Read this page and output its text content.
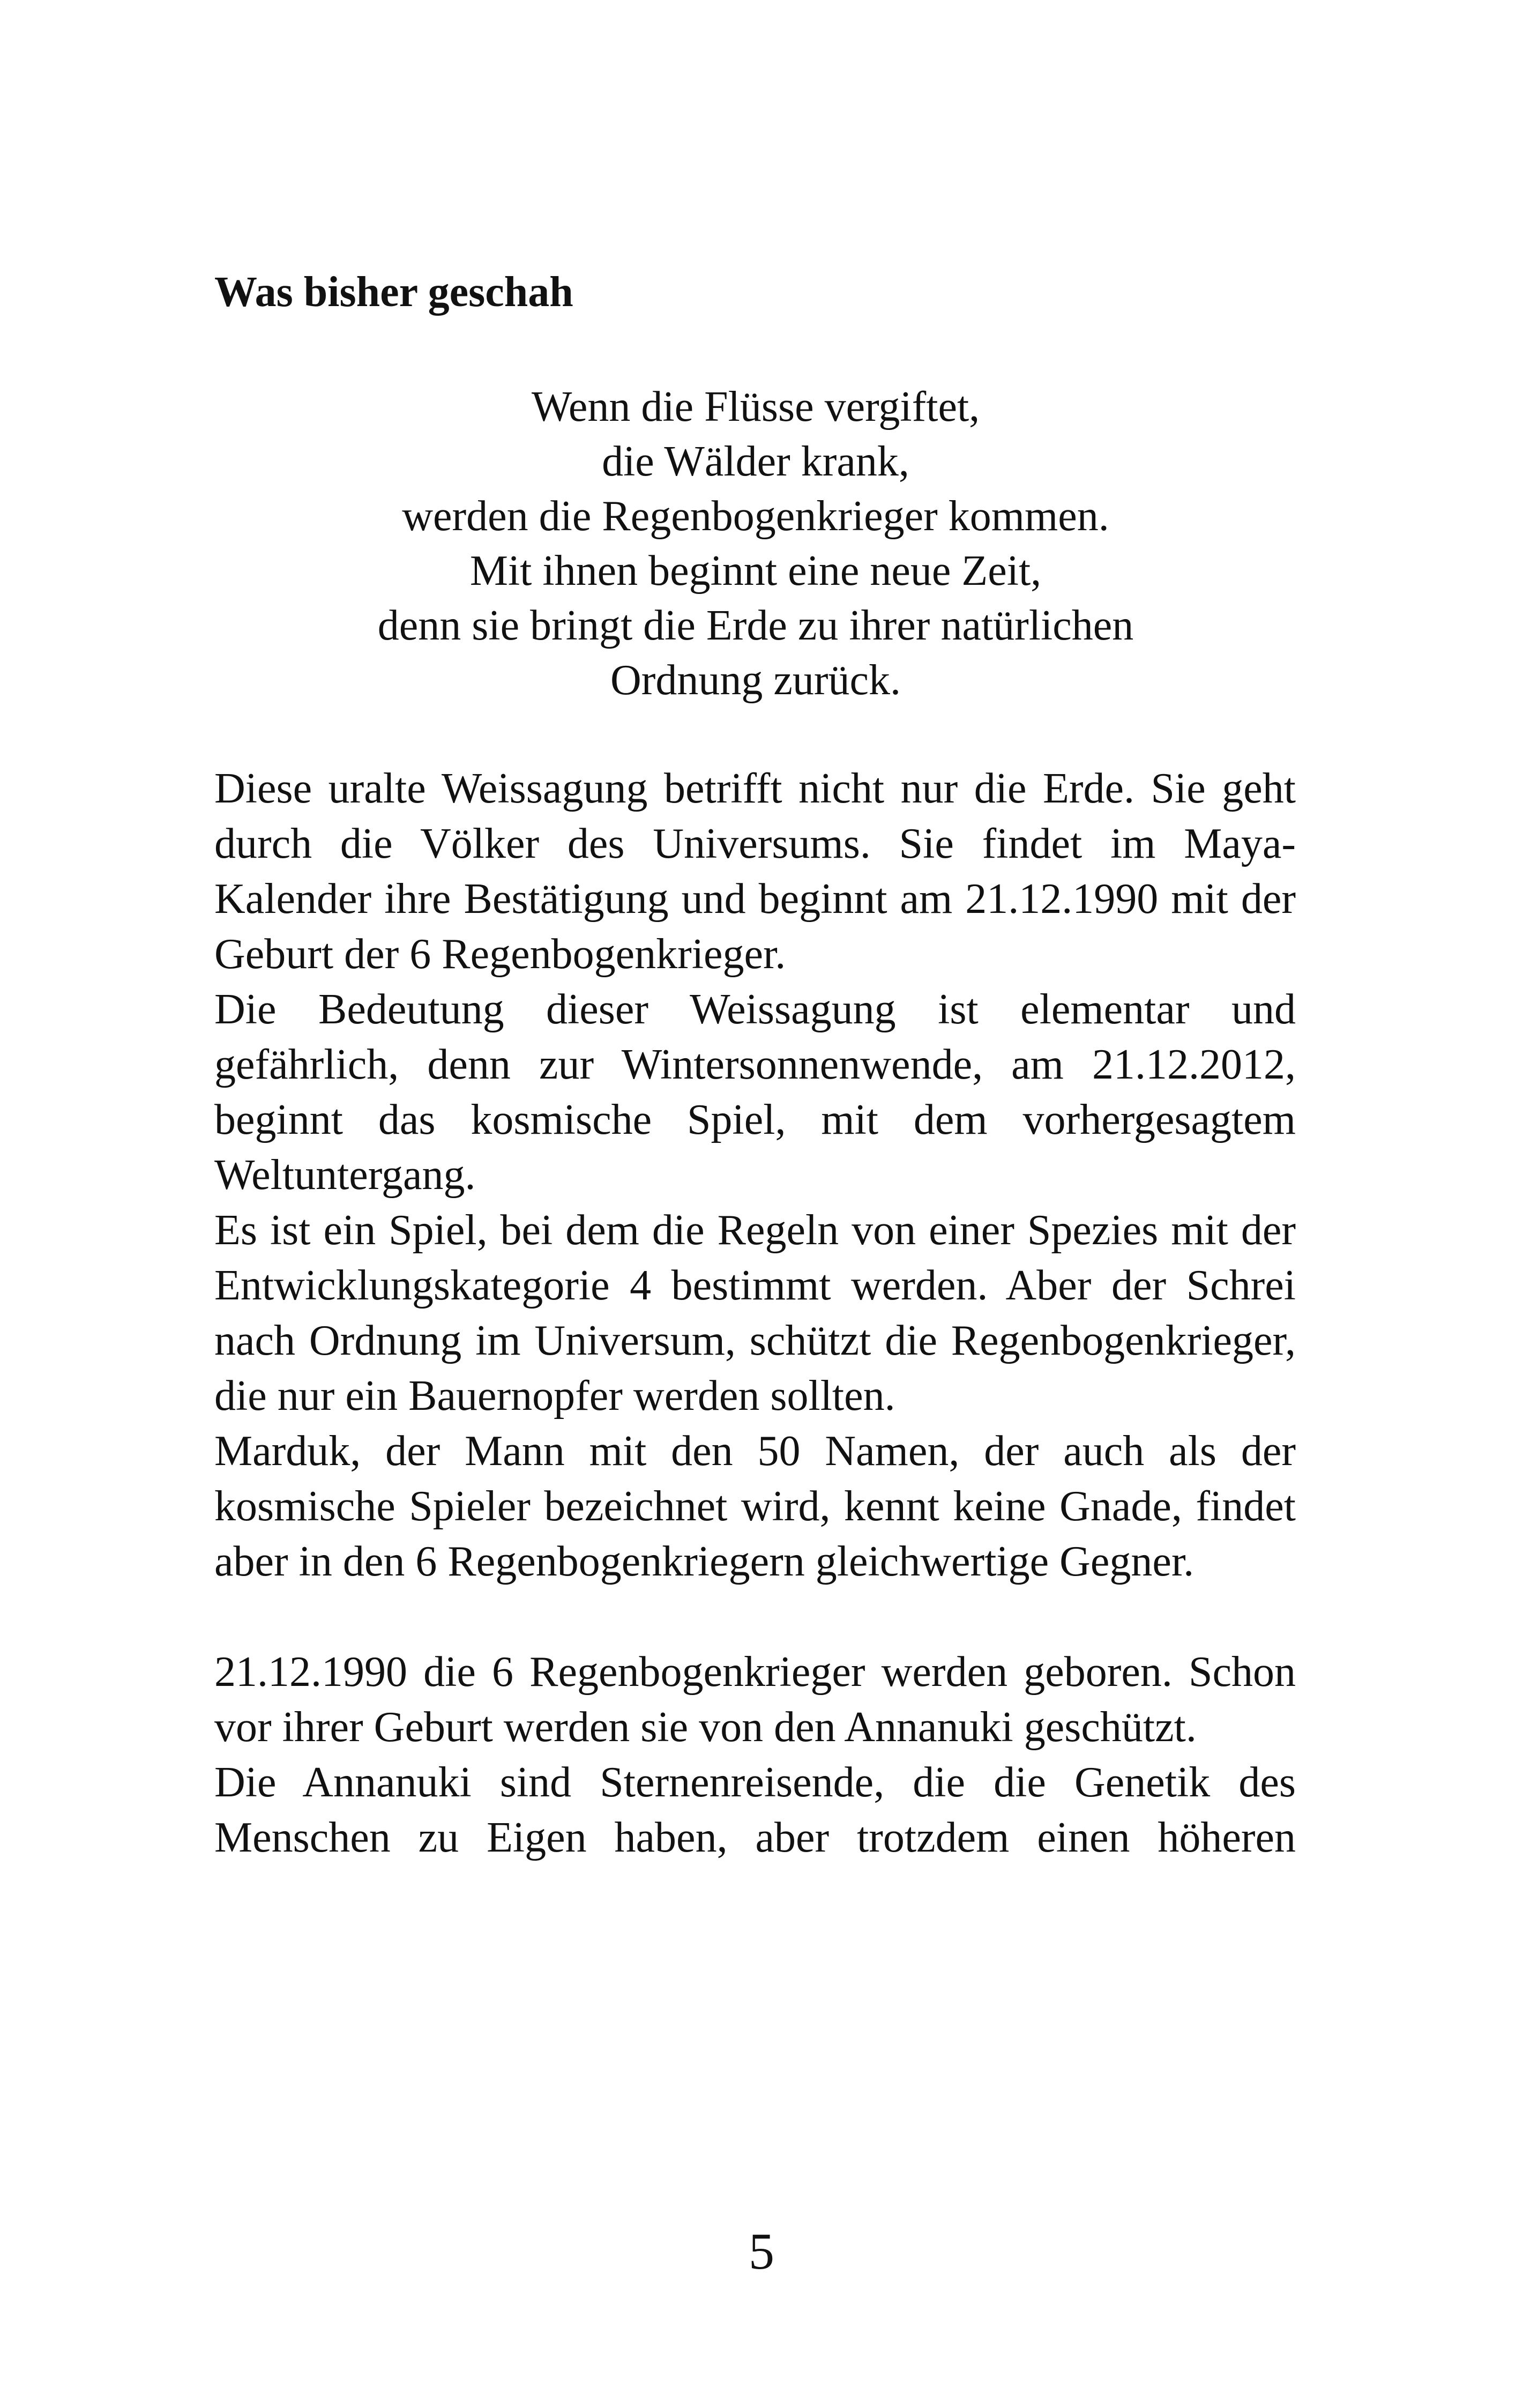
Was bisher geschah
Wenn die Flüsse vergiftet,
die Wälder krank,
werden die Regenbogenkrieger kommen.
Mit ihnen beginnt eine neue Zeit,
denn sie bringt die Erde zu ihrer natürlichen
Ordnung zurück.

Diese uralte Weissagung betrifft nicht nur die Erde. Sie geht durch die Völker des Universums. Sie findet im Maya-Kalender ihre Bestätigung und beginnt am 21.12.1990 mit der Geburt der 6 Regenbogenkrieger.

Die Bedeutung dieser Weissagung ist elementar und gefährlich, denn zur Wintersonnenwende, am 21.12.2012, beginnt das kosmische Spiel, mit dem vorhergesagtem Weltuntergang.

Es ist ein Spiel, bei dem die Regeln von einer Spezies mit der Entwicklungskategorie 4 bestimmt werden. Aber der Schrei nach Ordnung im Universum, schützt die Regenbogenkrieger, die nur ein Bauernopfer werden sollten.

Marduk, der Mann mit den 50 Namen, der auch als der kosmische Spieler bezeichnet wird, kennt keine Gnade, findet aber in den 6 Regenbogenkriegern gleichwertige Gegner.

21.12.1990 die 6 Regenbogenkrieger werden geboren. Schon vor ihrer Geburt werden sie von den Annanuki geschützt.

Die Annanuki sind Sternenreisende, die die Genetik des Menschen zu Eigen haben, aber trotzdem einen höheren

5
